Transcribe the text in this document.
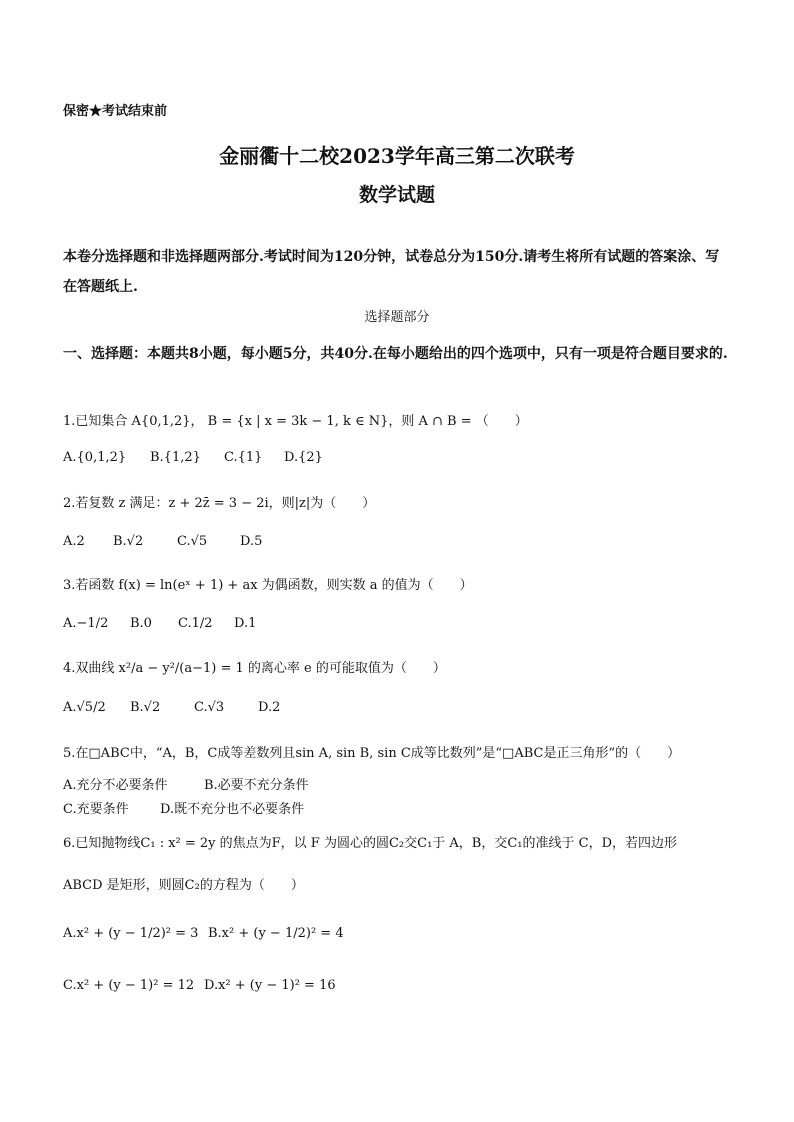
保密★考试结束前
金丽衢十二校2023学年高三第二次联考
数学试题
本卷分选择题和非选择题两部分.考试时间为120分钟，试卷总分为150分.请考生将所有试题的答案涂、写在答题纸上.
选择题部分
一、选择题：本题共8小题，每小题5分，共40分.在每小题给出的四个选项中，只有一项是符合题目要求的.
1.已知集合 A{0,1,2}， B = {x | x = 3k − 1, k ∈ N}，则 A ∩ B = （　　）
A.{0,1,2} B.{1,2} C.{1} D.{2}
2.若复数 z 满足：z + 2z̄ = 3 − 2i，则|z|为（　　）
A.2 B.√2	C.√5	D.5
3.若函数 f(x) = ln(eˣ + 1) + ax 为偶函数，则实数 a 的值为（　　）
A.−1/2 B.0 C.1/2 D.1
4.双曲线 x²/a − y²/(a−1) = 1 的离心率 e 的可能取值为（　　）
A.√5/2 B.√2	C.√3	D.2
5.在□ABC中，“A，B，C成等差数列且sin A, sin B, sin C成等比数列”是“□ABC是正三角形”的（　　）
A.充分不必要条件	B.必要不充分条件
C.充要条件 D.既不充分也不必要条件
6.已知抛物线C₁ : x² = 2y 的焦点为F，以 F 为圆心的圆C₂交C₁于 A，B，交C₁的准线于 C，D，若四边形
ABCD 是矩形，则圆C₂的方程为（　　）
A.x² + (y − 1/2)² = 3 B.x² + (y − 1/2)² = 4
C.x² + (y − 1)² = 12 D.x² + (y − 1)² = 16
